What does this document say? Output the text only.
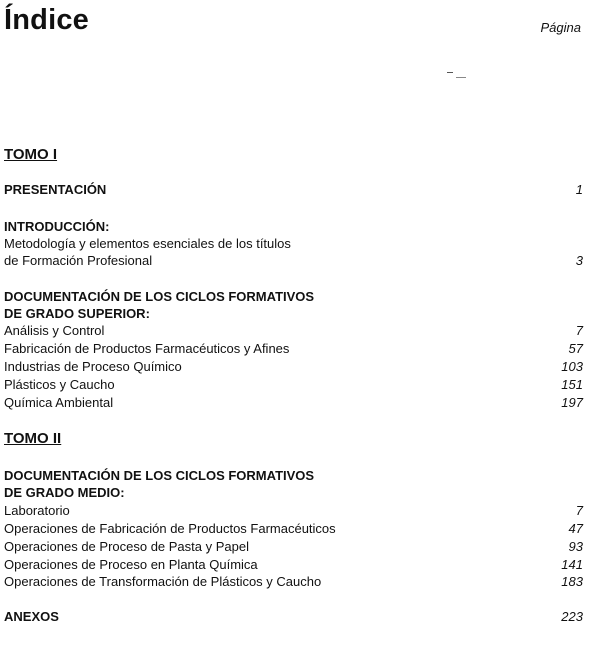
Índice	Página
TOMO I
PRESENTACIÓN	1
INTRODUCCIÓN:
Metodología y elementos esenciales de los títulos
de Formación Profesional	3
DOCUMENTACIÓN DE LOS CICLOS FORMATIVOS
DE GRADO SUPERIOR:
Análisis y Control	7
Fabricación de Productos Farmacéuticos y Afines	57
Industrias de Proceso Químico	103
Plásticos y Caucho	151
Química Ambiental	197
TOMO II
DOCUMENTACIÓN DE LOS CICLOS FORMATIVOS
DE GRADO MEDIO:
Laboratorio	7
Operaciones de Fabricación de Productos Farmacéuticos	47
Operaciones de Proceso de Pasta y Papel	93
Operaciones de Proceso en Planta Química	141
Operaciones de Transformación de Plásticos y Caucho	183
ANEXOS	223
